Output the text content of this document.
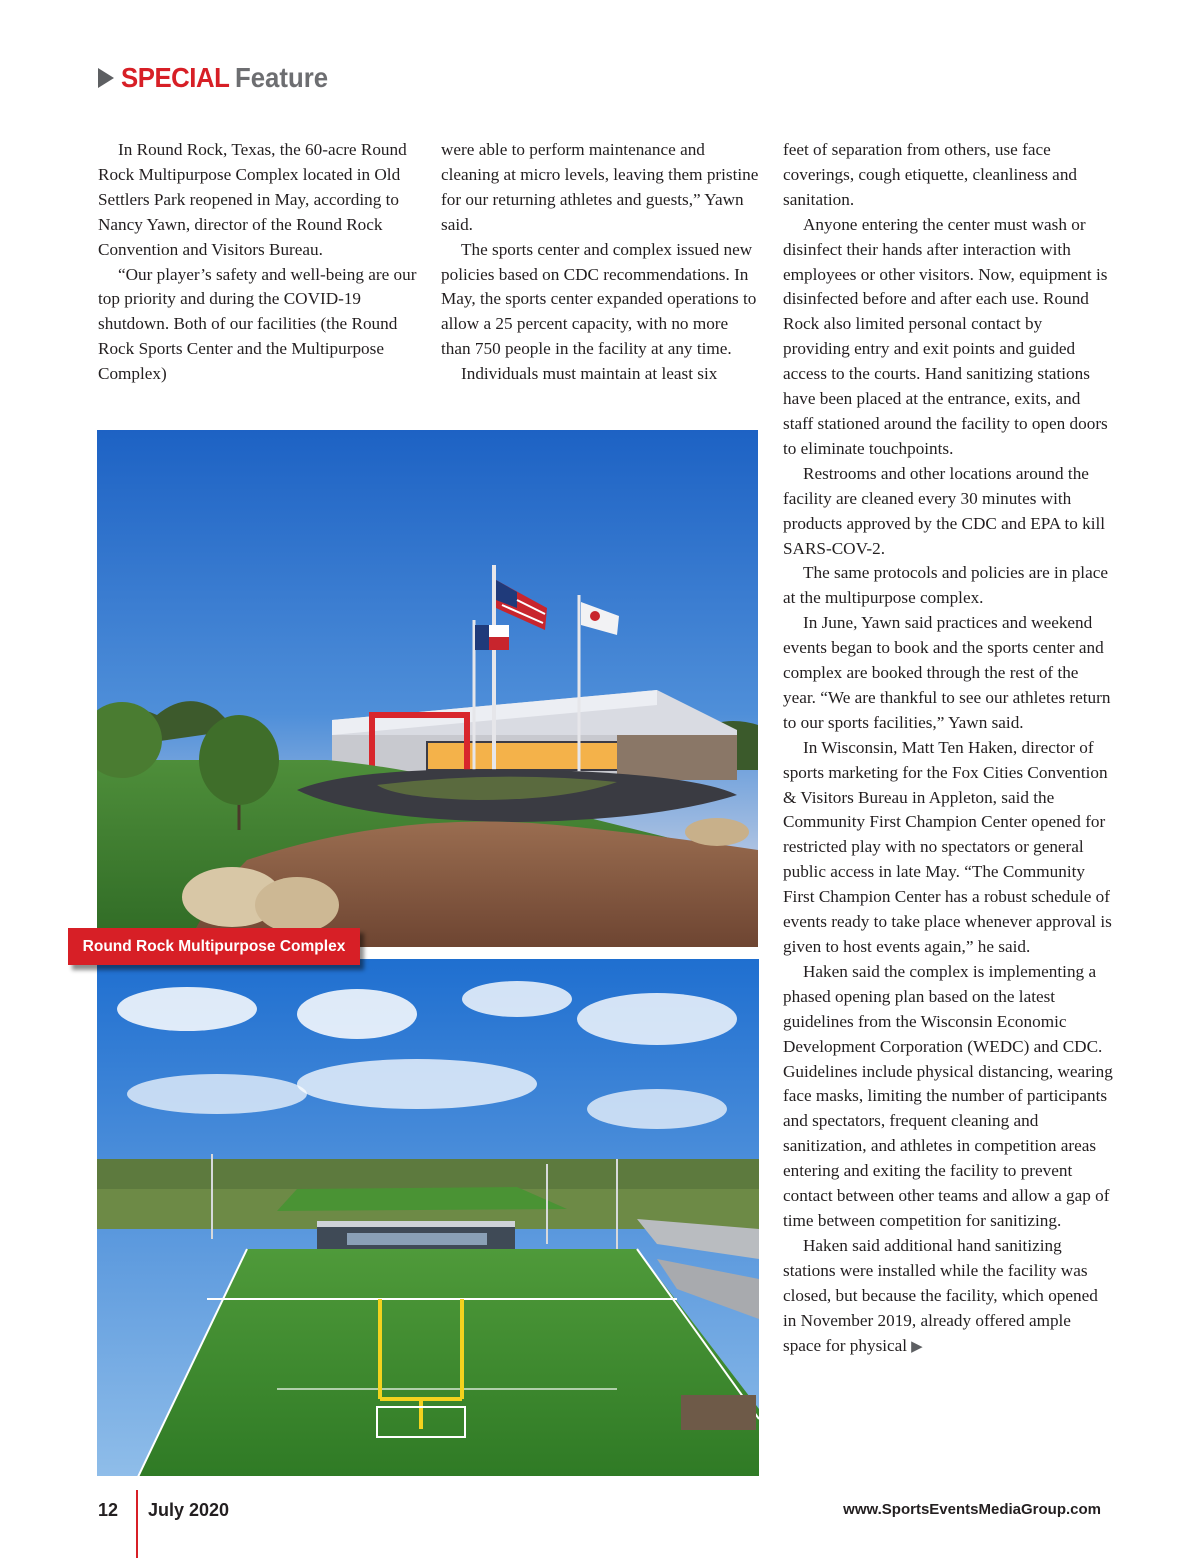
SPECIAL Feature

In Round Rock, Texas, the 60-acre Round Rock Multipurpose Complex located in Old Settlers Park reopened in May, according to Nancy Yawn, director of the Round Rock Convention and Visitors Bureau.

“Our player’s safety and well-being are our top priority and during the COVID-19 shutdown. Both of our facilities (the Round Rock Sports Center and the Multipurpose Complex)

were able to perform maintenance and cleaning at micro levels, leaving them pristine for our returning athletes and guests,” Yawn said.

The sports center and complex issued new policies based on CDC recommendations. In May, the sports center expanded operations to allow a 25 percent capacity, with no more than 750 people in the facility at any time.

Individuals must maintain at least six

feet of separation from others, use face coverings, cough etiquette, cleanliness and sanitation.

Anyone entering the center must wash or disinfect their hands after interaction with employees or other visitors. Now, equipment is disinfected before and after each use. Round Rock also limited personal contact by providing entry and exit points and guided access to the courts. Hand sanitizing stations have been placed at the entrance, exits, and staff stationed around the facility to open doors to eliminate touchpoints.

Restrooms and other locations around the facility are cleaned every 30 minutes with products approved by the CDC and EPA to kill SARS-COV-2.

The same protocols and policies are in place at the multipurpose complex.

In June, Yawn said practices and weekend events began to book and the sports center and complex are booked through the rest of the year. “We are thankful to see our athletes return to our sports facilities,” Yawn said.

In Wisconsin, Matt Ten Haken, director of sports marketing for the Fox Cities Convention & Visitors Bureau in Appleton, said the Community First Champion Center opened for restricted play with no spectators or general public access in late May. “The Community First Champion Center has a robust schedule of events ready to take place whenever approval is given to host events again,” he said.

Haken said the complex is implementing a phased opening plan based on the latest guidelines from the Wisconsin Economic Development Corporation (WEDC) and CDC. Guidelines include physical distancing, wearing face masks, limiting the number of participants and spectators, frequent cleaning and sanitization, and athletes in competition areas entering and exiting the facility to prevent contact between other teams and allow a gap of time between competition for sanitizing.

Haken said additional hand sanitizing stations were installed while the facility was closed, but because the facility, which opened in November 2019, already offered ample space for physical ▶

Round Rock Multipurpose Complex
12 July 2020	www.SportsEventsMediaGroup.com
